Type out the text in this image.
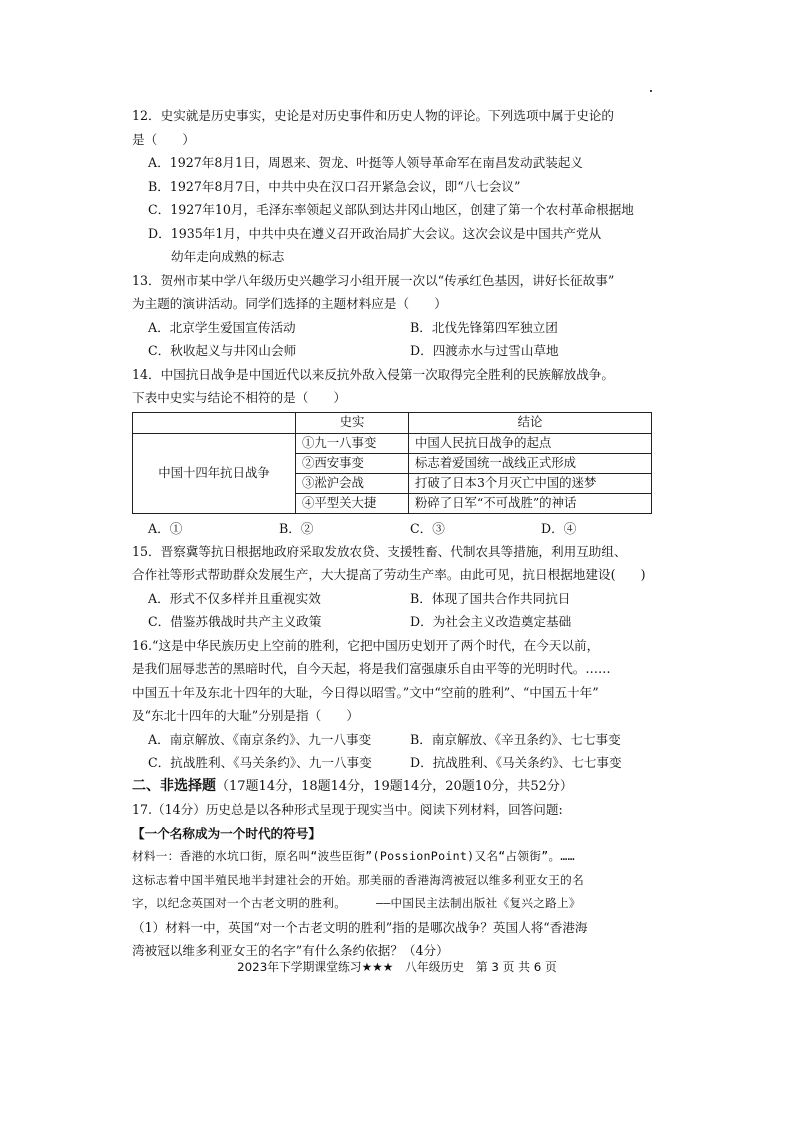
12．史实就是历史事实，史论是对历史事件和历史人物的评论。下列选项中属于史论的
是（　　）
A．1927年8月1日，周恩来、贺龙、叶挺等人领导革命军在南昌发动武装起义
B．1927年8月7日，中共中央在汉口召开紧急会议，即“八七会议”
C．1927年10月，毛泽东率领起义部队到达井冈山地区，创建了第一个农村革命根据地
D．1935年1月，中共中央在遵义召开政治局扩大会议。这次会议是中国共产党从
幼年走向成熟的标志
13．贺州市某中学八年级历史兴趣学习小组开展一次以“传承红色基因，讲好长征故事”
为主题的演讲活动。同学们选择的主题材料应是（　　）
A．北京学生爱国宣传活动	B．北伐先锋第四军独立团
C．秋收起义与井冈山会师	D．四渡赤水与过雪山草地
14．中国抗日战争是中国近代以来反抗外敌入侵第一次取得完全胜利的民族解放战争。
下表中史实与结论不相符的是（　　）
	史实	结论
中国十四年抗日战争	①九一八事变	中国人民抗日战争的起点
	②西安事变	标志着爱国统一战线正式形成
	③淞沪会战	打破了日本3个月灭亡中国的迷梦
	④平型关大捷	粉碎了日军“不可战胜”的神话
A．①	B．②	C．③	D．④
15．晋察冀等抗日根据地政府采取发放农贷、支援牲畜、代制农具等措施，利用互助组、
合作社等形式帮助群众发展生产，大大提高了劳动生产率。由此可见，抗日根据地建设(　　)
A．形式不仅多样并且重视实效	B．体现了国共合作共同抗日
C．借鉴苏俄战时共产主义政策	D．为社会主义改造奠定基础
16.“这是中华民族历史上空前的胜利，它把中国历史划开了两个时代，在今天以前，
是我们屈辱悲苦的黑暗时代，自今天起，将是我们富强康乐自由平等的光明时代。……
中国五十年及东北十四年的大耻，今日得以昭雪。”文中“空前的胜利”、“中国五十年”
及“东北十四年的大耻”分别是指（　　）
A．南京解放、《南京条约》、九一八事变	B．南京解放、《辛丑条约》、七七事变
C．抗战胜利、《马关条约》、九一八事变	D．抗战胜利、《马关条约》、七七事变
二、非选择题（17题14分，18题14分，19题14分，20题10分，共52分）
17.（14分）历史总是以各种形式呈现于现实当中。阅读下列材料，回答问题:
【一个名称成为一个时代的符号】
材料一：香港的水坑口街，原名叫“波些臣街”(PossionPoint)又名“占领街”。……
这标志着中国半殖民地半封建社会的开始。那美丽的香港海湾被冠以维多利亚女王的名
字，以纪念英国对一个古老文明的胜利。　　　——中国民主法制出版社《复兴之路上》
（1）材料一中，英国“对一个古老文明的胜利”指的是哪次战争？英国人将“香港海
湾被冠以维多利亚女王的名字”有什么条约依据？（4分）
2023年下学期课堂练习★★★　八年级历史　第 3 页 共 6 页
